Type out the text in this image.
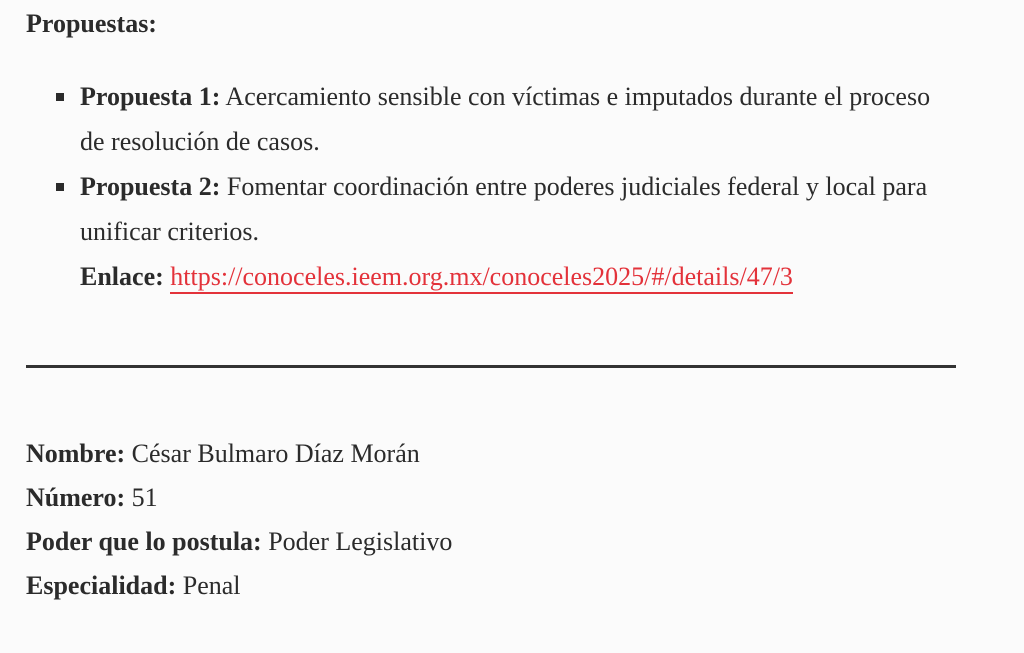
Propuestas:
Propuesta 1: Acercamiento sensible con víctimas e imputados durante el proceso de resolución de casos.
Propuesta 2: Fomentar coordinación entre poderes judiciales federal y local para unificar criterios.
Enlace: https://conoceles.ieem.org.mx/conoceles2025/#/details/47/3
Nombre: César Bulmaro Díaz Morán
Número: 51
Poder que lo postula: Poder Legislativo
Especialidad: Penal
